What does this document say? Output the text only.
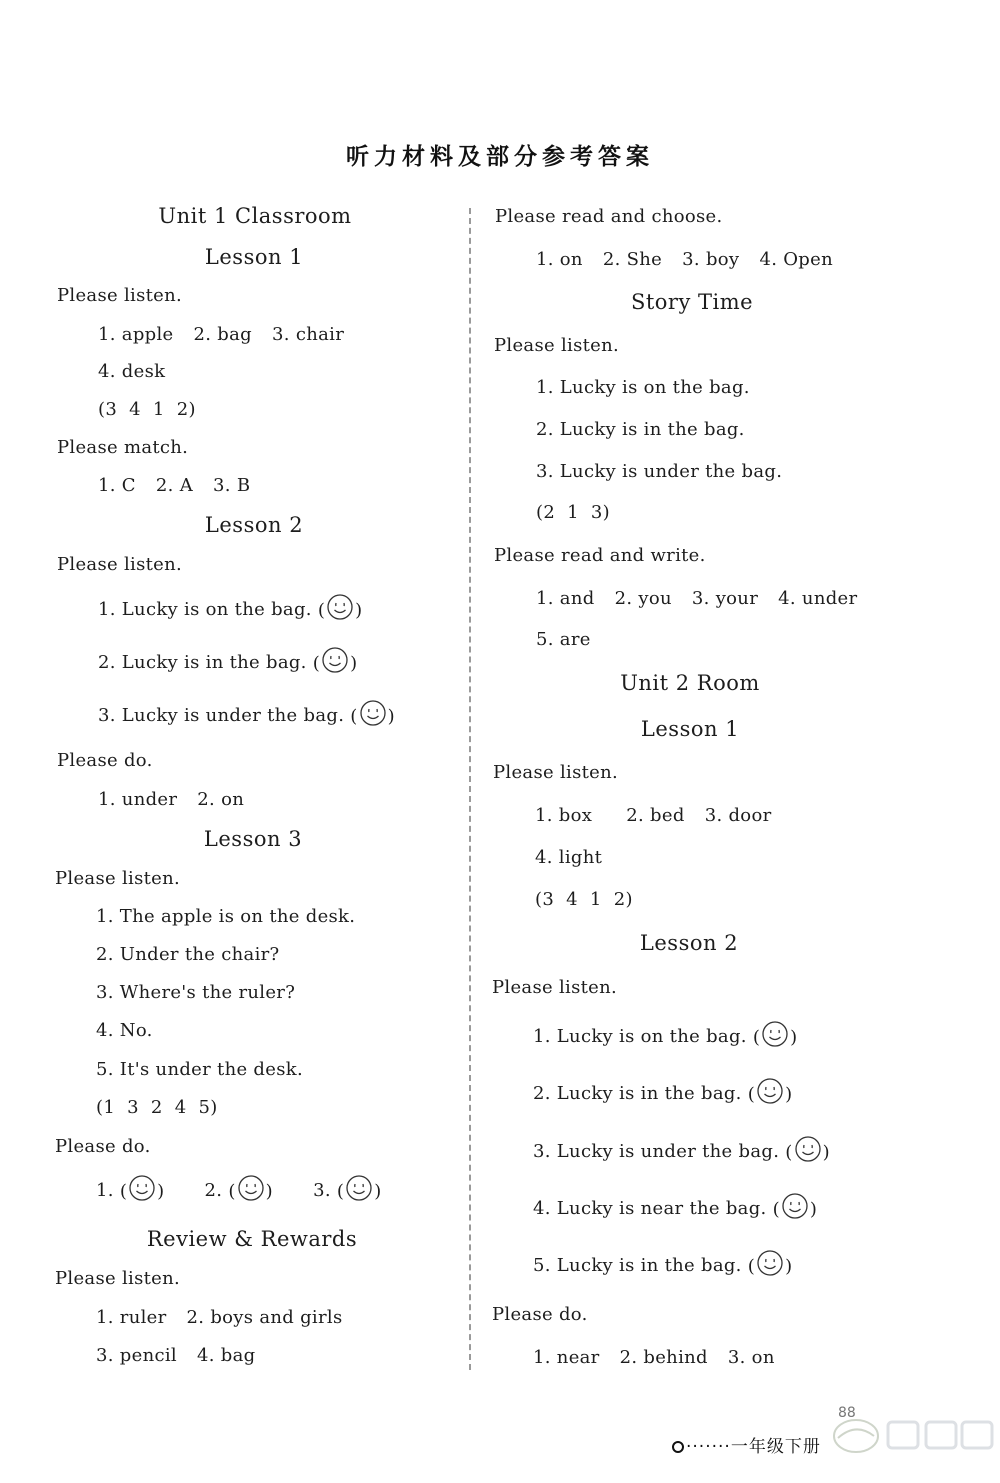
听力材料及部分参考答案
Unit 1 Classroom
Lesson 1
Please listen.
1. apple 2. bag 3. chair
4. desk
(3  4  1  2)
Please match.
1. C 2. A 3. B
Lesson 2
Please listen.
1. Lucky is on the bag. ( )
2. Lucky is in the bag. ( )
3. Lucky is under the bag. ( )
Please do.
1. under 2. on
Lesson 3
Please listen.
1. The apple is on the desk.
2. Under the chair?
3. Where's the ruler?
4. No.
5. It's under the desk.
(1  3  2  4  5)
Please do.
1. ( ) 2. ( ) 3. ( )
Review & Rewards
Please listen.
1. ruler 2. boys and girls
3. pencil 4. bag
Please read and choose.
1. on 2. She 3. boy 4. Open
Story Time
Please listen.
1. Lucky is on the bag.
2. Lucky is in the bag.
3. Lucky is under the bag.
(2  1  3)
Please read and write.
1. and 2. you 3. your 4. under
5. are
Unit 2 Room
Lesson 1
Please listen.
1. box 2. bed 3. door
4. light
(3  4  1  2)
Lesson 2
Please listen.
1. Lucky is on the bag. ( )
2. Lucky is in the bag. ( )
3. Lucky is under the bag. ( )
4. Lucky is near the bag. ( )
5. Lucky is in the bag. ( )
Please do.
1. near 2. behind 3. on
88
·······一年级下册
